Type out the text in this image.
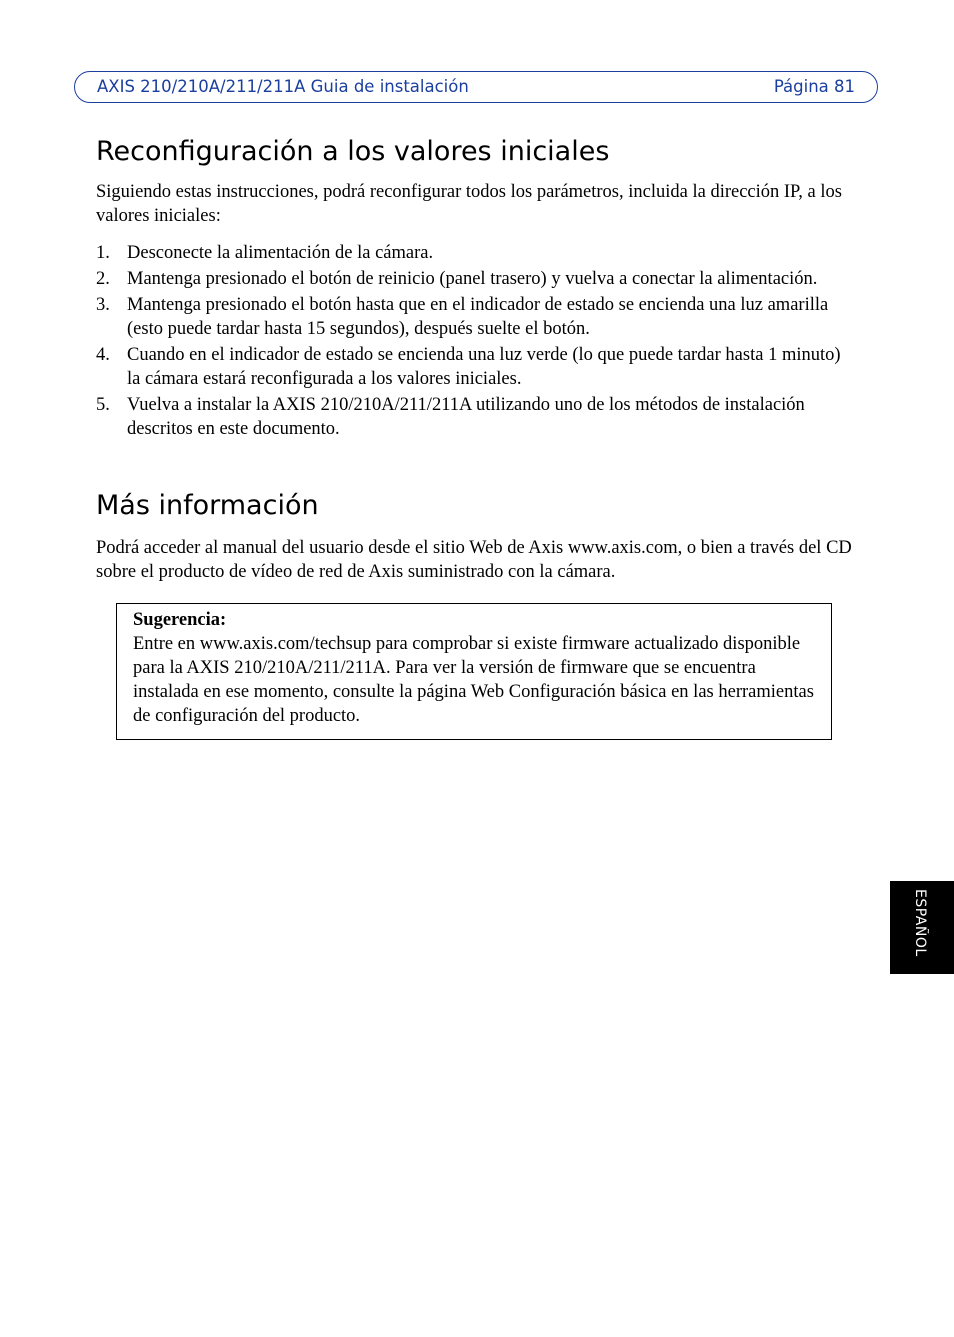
AXIS 210/210A/211/211A Guia de instalación	Página 81
Reconfiguración a los valores iniciales

Siguiendo estas instrucciones, podrá reconfigurar todos los parámetros, incluida la dirección IP, a los valores iniciales:

1. Desconecte la alimentación de la cámara.
2. Mantenga presionado el botón de reinicio (panel trasero) y vuelva a conectar la alimentación.
3. Mantenga presionado el botón hasta que en el indicador de estado se encienda una luz amarilla (esto puede tardar hasta 15 segundos), después suelte el botón.
4. Cuando en el indicador de estado se encienda una luz verde (lo que puede tardar hasta 1 minuto) la cámara estará reconfigurada a los valores iniciales.
5. Vuelva a instalar la AXIS 210/210A/211/211A utilizando uno de los métodos de instalación descritos en este documento.
Más información

Podrá acceder al manual del usuario desde el sitio Web de Axis www.axis.com, o bien a través del CD sobre el producto de vídeo de red de Axis suministrado con la cámara.

Sugerencia:
Entre en www.axis.com/techsup para comprobar si existe firmware actualizado disponible para la AXIS 210/210A/211/211A. Para ver la versión de firmware que se encuentra instalada en ese momento, consulte la página Web Configuración básica en las herramientas de configuración del producto.
ESPAÑOL
